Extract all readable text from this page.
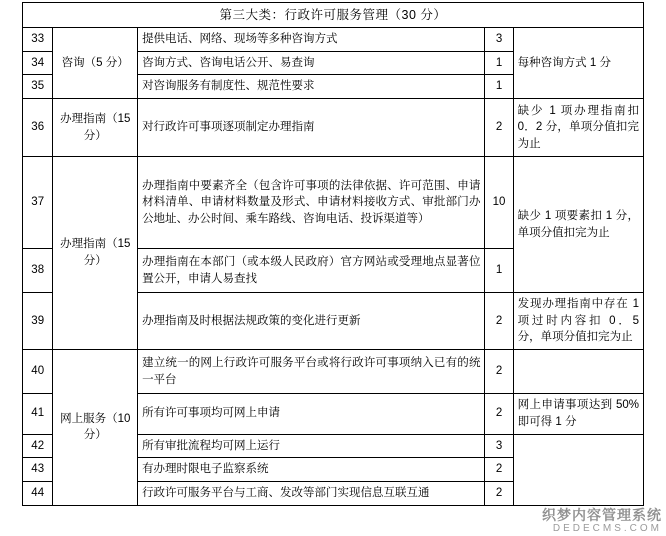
第三大类：行政许可服务管理（30 分）				
33	咨询（5 分）	提供电话、网络、现场等多种咨询方式	3	每种咨询方式 1 分
34		咨询方式、咨询电话公开、易查询	1	
35		对咨询服务有制度性、规范性要求	1	
36	办理指南（15 分）	对行政许可事项逐项制定办理指南	2	缺少 1 项办理指南扣 0．2 分，单项分值扣完为止
37	办理指南（15 分）	办理指南中要素齐全（包含许可事项的法律依据、许可范围、申请材料清单、申请材料数量及形式、申请材料接收方式、审批部门办公地址、办公时间、乘车路线、咨询电话、投诉渠道等）	10	缺少 1 项要素扣 1 分，单项分值扣完为止
38		办理指南在本部门（或本级人民政府）官方网站或受理地点显著位置公开，申请人易查找	1	
39		办理指南及时根据法规政策的变化进行更新	2	发现办理指南中存在 1 项过时内容扣 0．5 分，单项分值扣完为止
40	网上服务（10 分）	建立统一的网上行政许可服务平台或将行政许可事项纳入已有的统一平台	2	
41		所有许可事项均可网上申请	2	网上申请事项达到 50%即可得 1 分
42		所有审批流程均可网上运行	3	
43		有办理时限电子监察系统	2	
44		行政许可服务平台与工商、发改等部门实现信息互联互通	2	
织梦内容管理系统
DEDECMS.COM
